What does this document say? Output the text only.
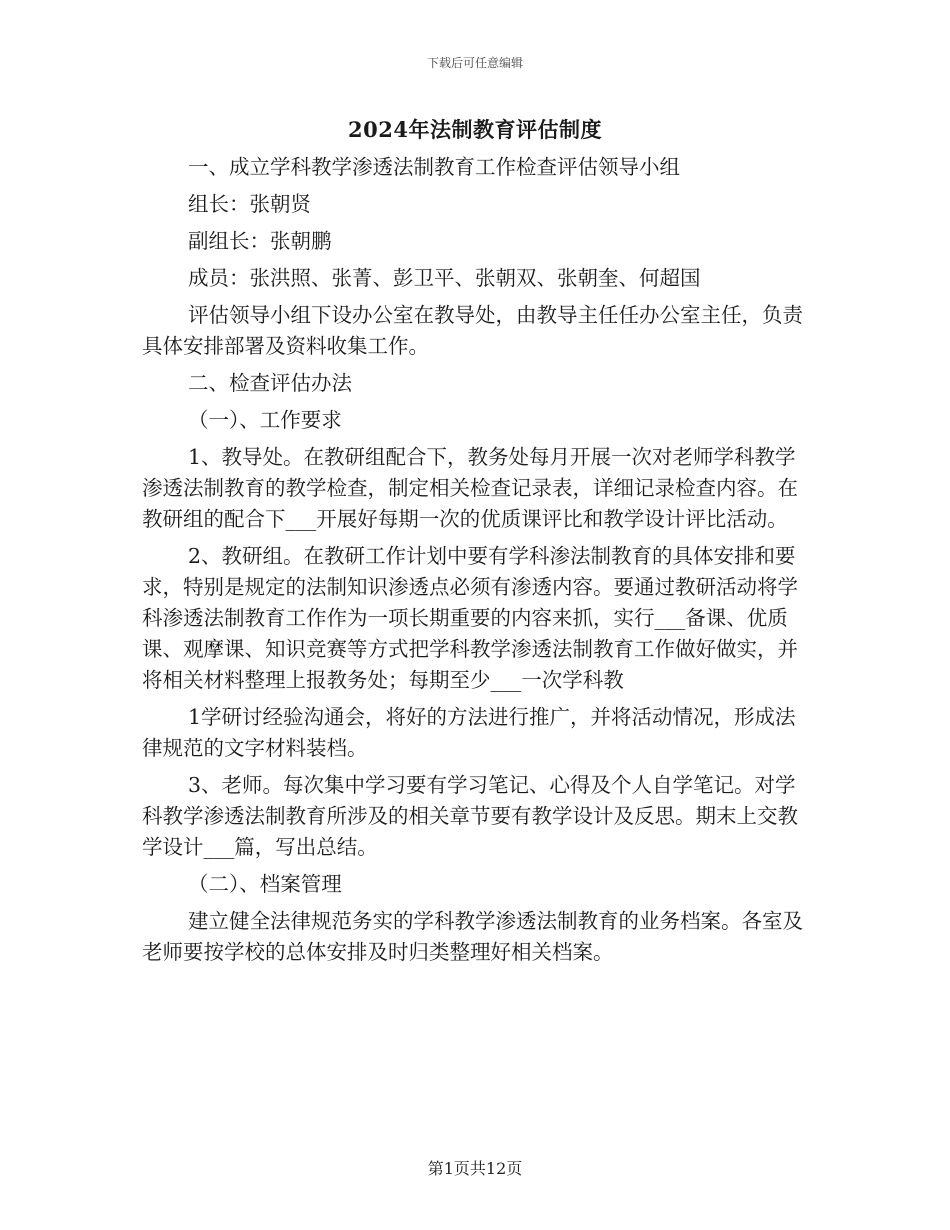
下载后可任意编辑
2024年法制教育评估制度
一、成立学科教学渗透法制教育工作检查评估领导小组
组长：张朝贤
副组长：张朝鹏
成员：张洪照、张菁、彭卫平、张朝双、张朝奎、何超国
评估领导小组下设办公室在教导处，由教导主任任办公室主任，负责具体安排部署及资料收集工作。
二、检查评估办法
（一）、工作要求
1、教导处。在教研组配合下，教务处每月开展一次对老师学科教学渗透法制教育的教学检查，制定相关检查记录表，详细记录检查内容。在教研组的配合下___开展好每期一次的优质课评比和教学设计评比活动。
2、教研组。在教研工作计划中要有学科渗法制教育的具体安排和要求，特别是规定的法制知识渗透点必须有渗透内容。要通过教研活动将学科渗透法制教育工作作为一项长期重要的内容来抓，实行___备课、优质课、观摩课、知识竞赛等方式把学科教学渗透法制教育工作做好做实，并将相关材料整理上报教务处；每期至少___一次学科教
1学研讨经验沟通会，将好的方法进行推广，并将活动情况，形成法律规范的文字材料装档。
3、老师。每次集中学习要有学习笔记、心得及个人自学笔记。对学科教学渗透法制教育所涉及的相关章节要有教学设计及反思。期末上交教学设计___篇，写出总结。
（二）、档案管理
建立健全法律规范务实的学科教学渗透法制教育的业务档案。各室及老师要按学校的总体安排及时归类整理好相关档案。
第1页共12页
